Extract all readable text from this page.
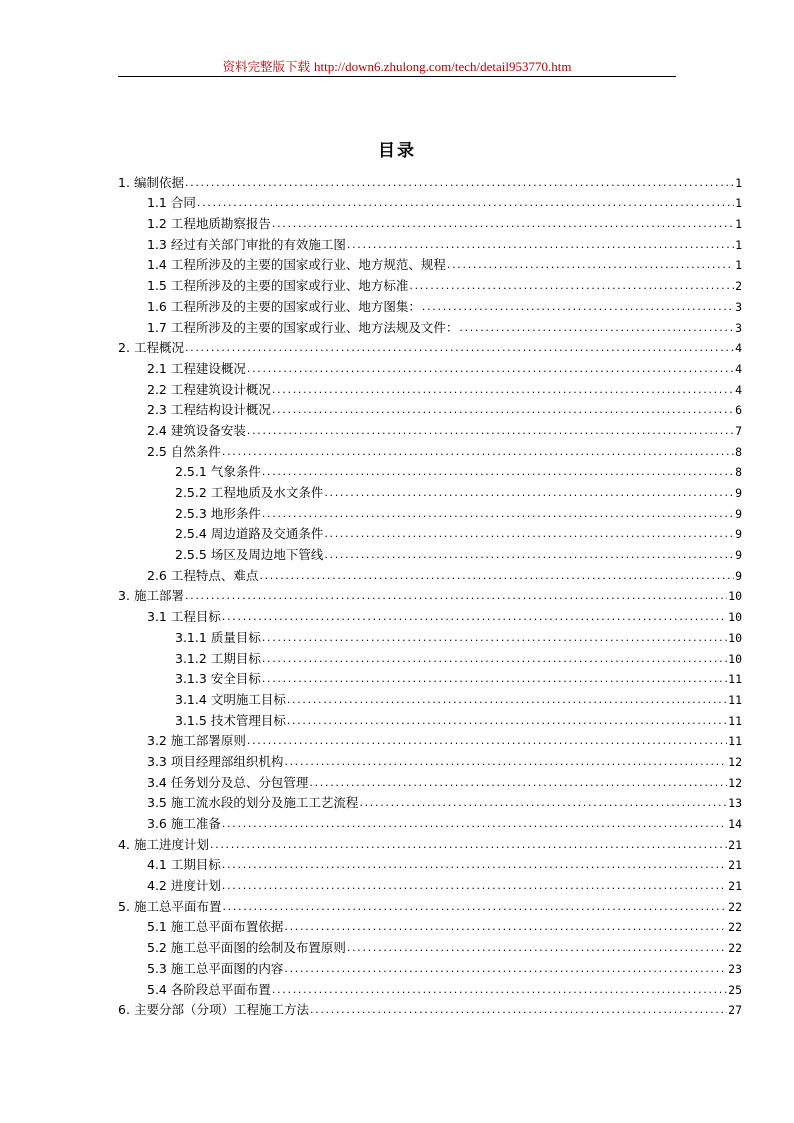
资料完整版下载 http://down6.zhulong.com/tech/detail953770.htm
目录
1. 编制依据 .....	1
1.1 合同 .....	1
1.2 工程地质勘察报告 .....	1
1.3 经过有关部门审批的有效施工图 .....	1
1.4 工程所涉及的主要的国家或行业、地方规范、规程 .....	1
1.5 工程所涉及的主要的国家或行业、地方标准 .....	2
1.6 工程所涉及的主要的国家或行业、地方图集： .....	3
1.7 工程所涉及的主要的国家或行业、地方法规及文件： .....	3
2. 工程概况 .....	4
2.1 工程建设概况 .....	4
2.2 工程建筑设计概况 .....	4
2.3 工程结构设计概况 .....	6
2.4 建筑设备安装 .....	7
2.5 自然条件 .....	8
2.5.1 气象条件 .....	8
2.5.2 工程地质及水文条件 .....	9
2.5.3 地形条件 .....	9
2.5.4 周边道路及交通条件 .....	9
2.5.5 场区及周边地下管线 .....	9
2.6 工程特点、难点 .....	9
3. 施工部署 .....	10
3.1 工程目标 .....	10
3.1.1 质量目标 .....	10
3.1.2 工期目标 .....	10
3.1.3 安全目标 .....	11
3.1.4 文明施工目标 .....	11
3.1.5 技术管理目标 .....	11
3.2 施工部署原则 .....	11
3.3 项目经理部组织机构 .....	12
3.4 任务划分及总、分包管理 .....	12
3.5 施工流水段的划分及施工工艺流程 .....	13
3.6 施工准备 .....	14
4. 施工进度计划 .....	21
4.1 工期目标 .....	21
4.2 进度计划 .....	21
5. 施工总平面布置 .....	22
5.1 施工总平面布置依据 .....	22
5.2 施工总平面图的绘制及布置原则 .....	22
5.3 施工总平面图的内容 .....	23
5.4 各阶段总平面布置 .....	25
6. 主要分部（分项）工程施工方法 .....	27
